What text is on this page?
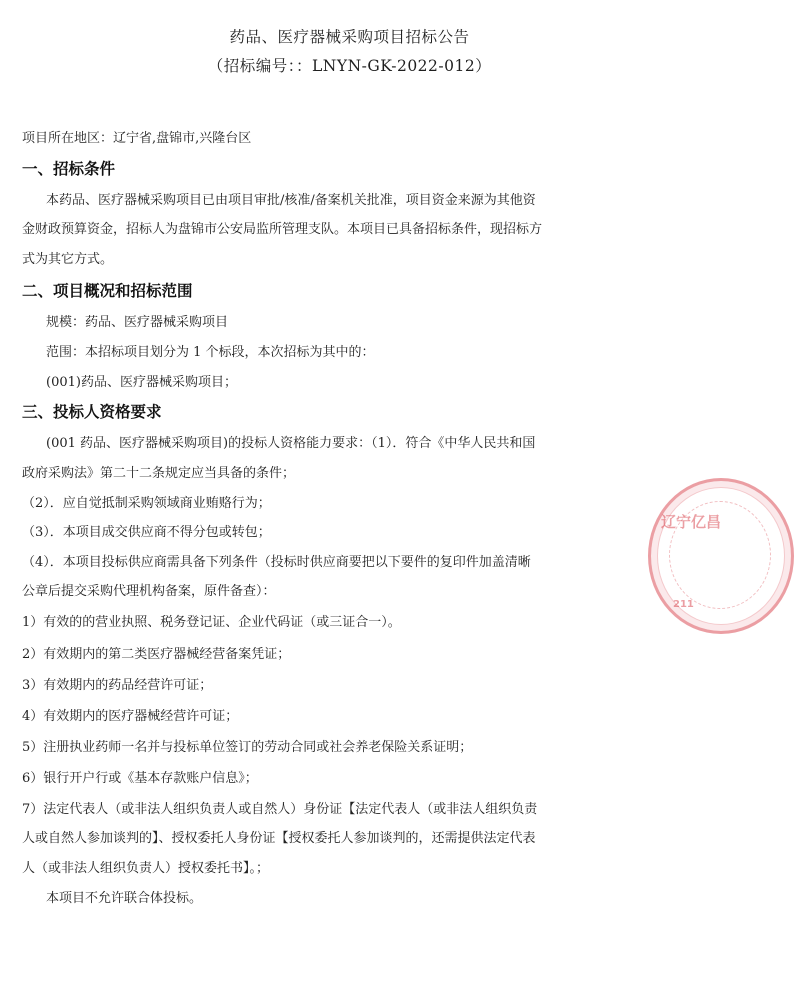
药品、医疗器械采购项目招标公告
（招标编号：：LNYN-GK-2022-012）
项目所在地区：辽宁省,盘锦市,兴隆台区
一、招标条件
本药品、医疗器械采购项目已由项目审批/核准/备案机关批准，项目资金来源为其他资
金财政预算资金，招标人为盘锦市公安局监所管理支队。本项目已具备招标条件，现招标方
式为其它方式。
二、项目概况和招标范围
规模：药品、医疗器械采购项目
范围：本招标项目划分为 1 个标段，本次招标为其中的：
(001)药品、医疗器械采购项目；
三、投标人资格要求
(001 药品、医疗器械采购项目)的投标人资格能力要求：（1）．符合《中华人民共和国
政府采购法》第二十二条规定应当具备的条件；
（2）．应自觉抵制采购领域商业贿赂行为；
（3）．本项目成交供应商不得分包或转包；
（4）．本项目投标供应商需具备下列条件（投标时供应商要把以下要件的复印件加盖清晰
公章后提交采购代理机构备案，原件备查）：
1）有效的的营业执照、税务登记证、企业代码证（或三证合一）。
2）有效期内的第二类医疗器械经营备案凭证；
3）有效期内的药品经营许可证；
4）有效期内的医疗器械经营许可证；
5）注册执业药师一名并与投标单位签订的劳动合同或社会养老保险关系证明；
6）银行开户行或《基本存款账户信息》；
7）法定代表人（或非法人组织负责人或自然人）身份证【法定代表人（或非法人组织负责
人或自然人参加谈判的】、授权委托人身份证【授权委托人参加谈判的，还需提供法定代表
人（或非法人组织负责人）授权委托书】。；
本项目不允许联合体投标。
辽宁亿昌
211
